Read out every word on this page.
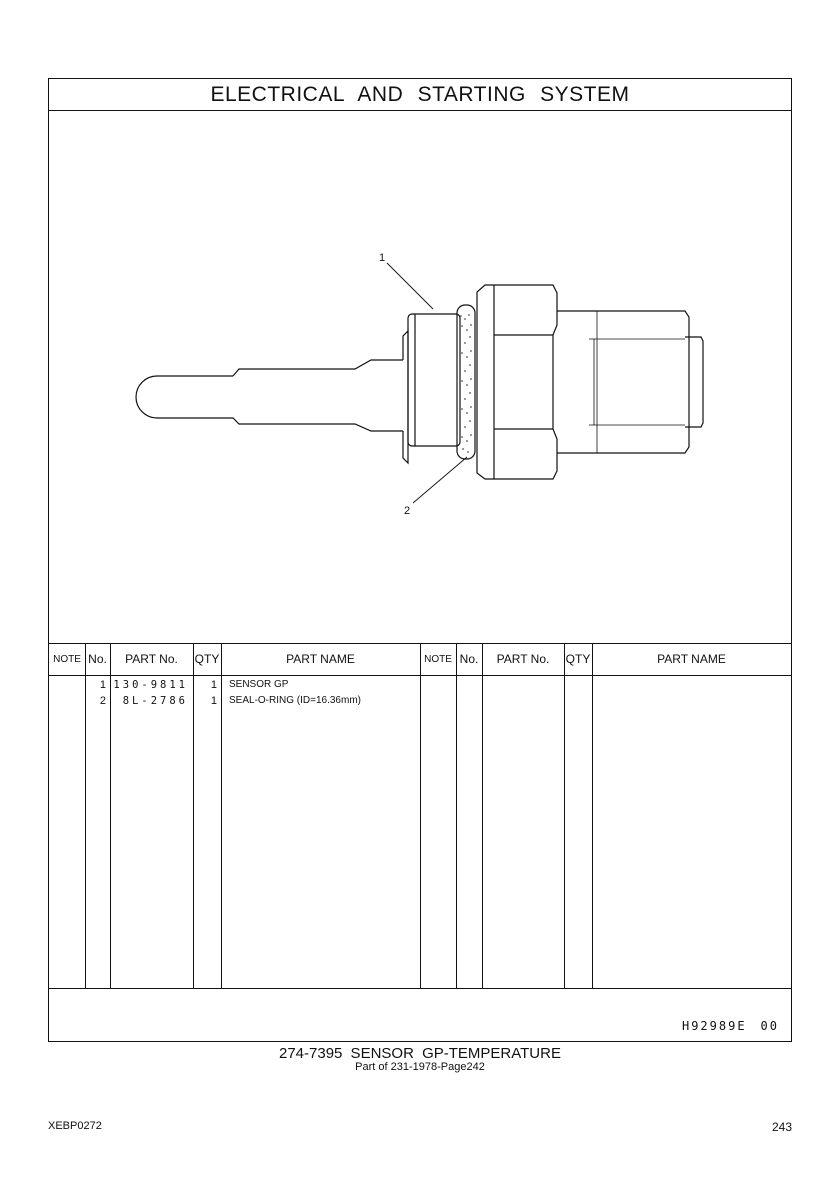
ELECTRICAL AND STARTING SYSTEM
1
2
NOTE No.	PART No.	QTY	PART NAME	NOTE No.	PART No.	QTY	PART NAME
1 130-9811	1 SENSOR GP
2	8L-2786	1 SEAL-O-RING (ID=16.36mm)
H92989E 00
274-7395 SENSOR GP-TEMPERATURE
Part of 231-1978-Page242
XEBP0272	243
